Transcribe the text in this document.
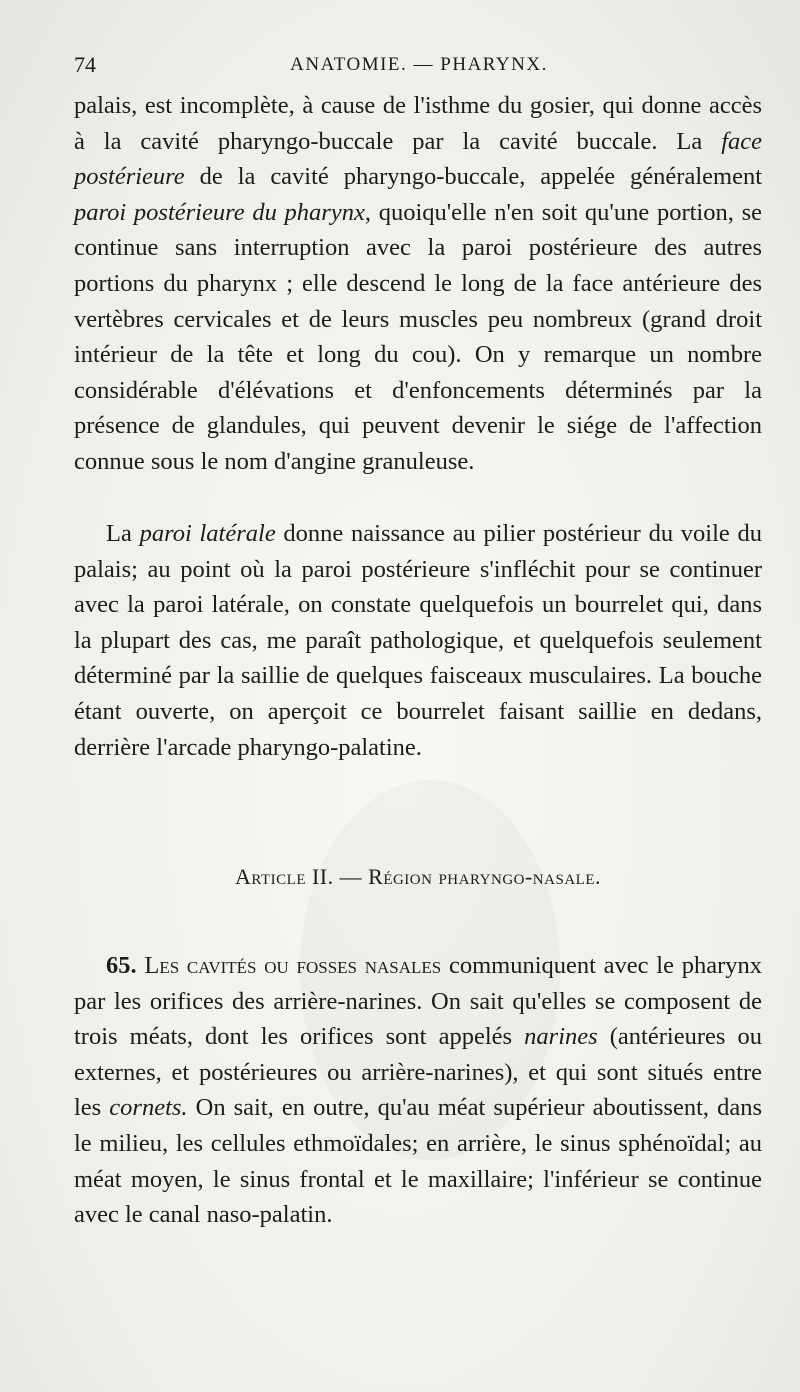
74	ANATOMIE. — PHARYNX.
palais, est incomplète, à cause de l'isthme du gosier, qui donne accès à la cavité pharyngo-buccale par la cavité buccale. La face postérieure de la cavité pharyngo-buccale, appelée généralement paroi postérieure du pharynx, quoiqu'elle n'en soit qu'une portion, se continue sans interruption avec la paroi postérieure des autres portions du pharynx ; elle descend le long de la face antérieure des vertèbres cervicales et de leurs muscles peu nombreux (grand droit intérieur de la tête et long du cou). On y remarque un nombre considérable d'élévations et d'enfoncements déterminés par la présence de glandules, qui peuvent devenir le siége de l'affection connue sous le nom d'angine granuleuse.
La paroi latérale donne naissance au pilier postérieur du voile du palais; au point où la paroi postérieure s'infléchit pour se continuer avec la paroi latérale, on constate quelquefois un bourrelet qui, dans la plupart des cas, me paraît pathologique, et quelquefois seulement déterminé par la saillie de quelques faisceaux musculaires. La bouche étant ouverte, on aperçoit ce bourrelet faisant saillie en dedans, derrière l'arcade pharyngo-palatine.
Article II. — Région pharyngo-nasale.
65. Les cavités ou fosses nasales communiquent avec le pharynx par les orifices des arrière-narines. On sait qu'elles se composent de trois méats, dont les orifices sont appelés narines (antérieures ou externes, et postérieures ou arrière-narines), et qui sont situés entre les cornets. On sait, en outre, qu'au méat supérieur aboutissent, dans le milieu, les cellules ethmoïdales; en arrière, le sinus sphénoïdal; au méat moyen, le sinus frontal et le maxillaire; l'inférieur se continue avec le canal naso-palatin.
